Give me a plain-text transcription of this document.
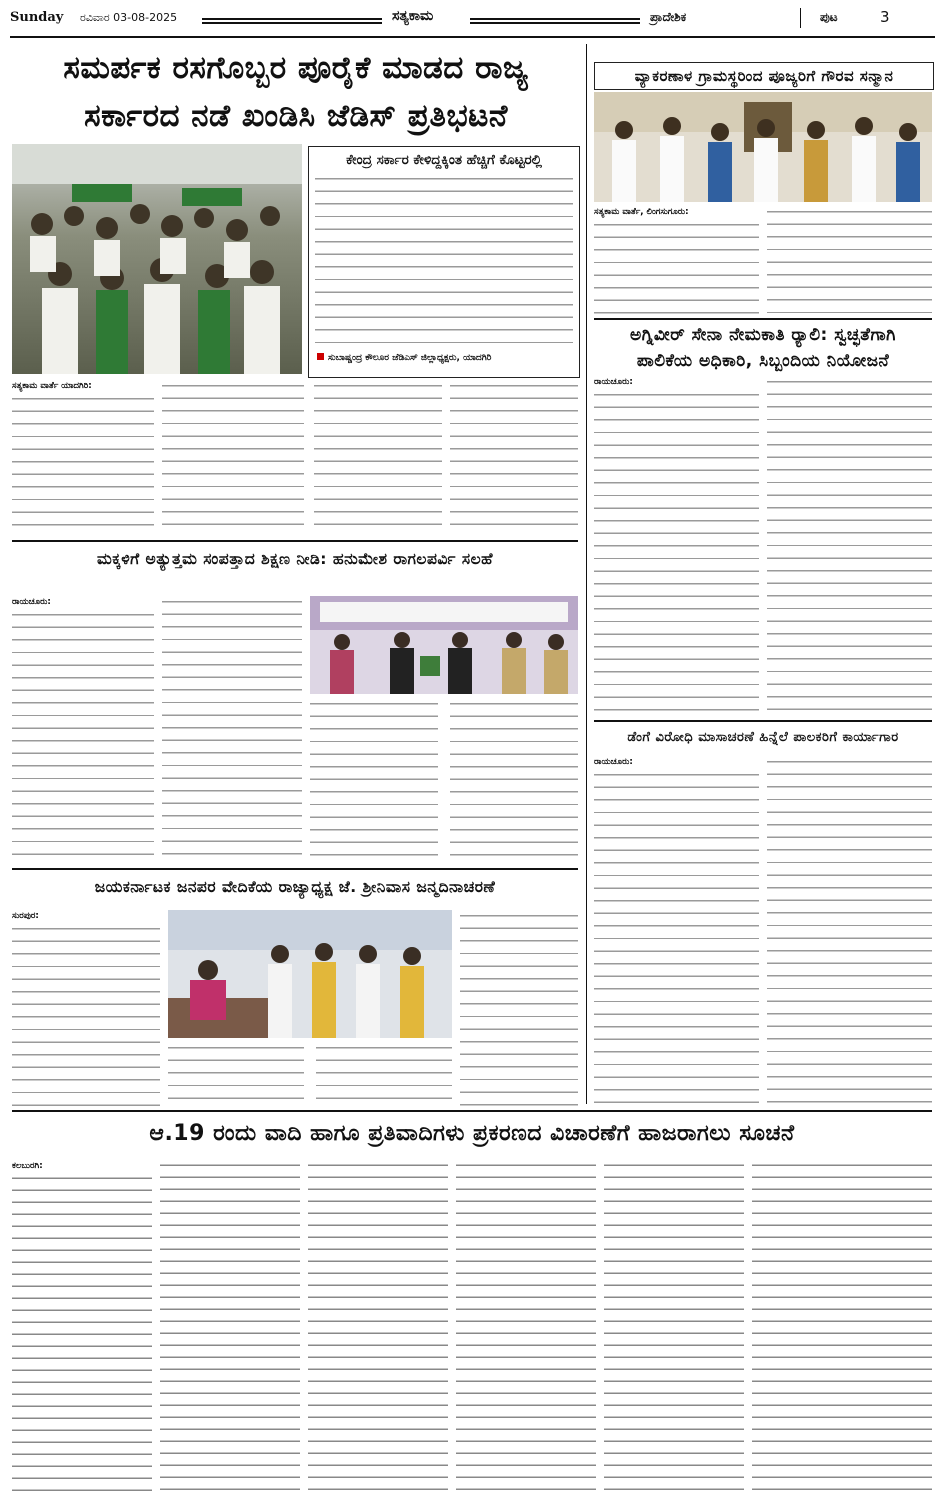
Sunday ರವಿವಾರ 03-08-2025	ಸತ್ಯಕಾಮ	ಪ್ರಾದೇಶಿಕ	ಪುಟ	3
ಸಮರ್ಪಕ ರಸಗೊಬ್ಬರ ಪೂರೈಕೆ ಮಾಡದ ರಾಜ್ಯ
ಸರ್ಕಾರದ ನಡೆ ಖಂಡಿಸಿ ಜೆಡಿಸ್ ಪ್ರತಿಭಟನೆ
ಕೇಂದ್ರ ಸರ್ಕಾರ ಕೇಳಿದ್ದಕ್ಕಿಂತ ಹೆಚ್ಚಿಗೆ ಕೊಟ್ಟರಲ್ಲಿ
ಸುಬಾಷ್ಚಂದ್ರ ಕೌಲೂರ ಜೆಡಿಎಸ್ ಜಿಲ್ಲಾಧ್ಯಕ್ಷರು, ಯಾದಗಿರಿ
ಸತ್ಯಕಾಮ ವಾರ್ತೆ ಯಾದಗಿರಿ:
ವ್ಯಾಕರಣಾಳ ಗ್ರಾಮಸ್ಥರಿಂದ ಪೂಜ್ಯರಿಗೆ ಗೌರವ ಸನ್ಮಾನ
ಸತ್ಯಕಾಮ ವಾರ್ತೆ, ಲಿಂಗಸುಗೂರು:
ಅಗ್ನಿವೀರ್ ಸೇನಾ ನೇಮಕಾತಿ ರ್‍ಯಾಲಿ: ಸ್ವಚ್ಛತೆಗಾಗಿ
ಪಾಲಿಕೆಯ ಅಧಿಕಾರಿ, ಸಿಬ್ಬಂದಿಯ ನಿಯೋಜನೆ
ರಾಯಚೂರು:
ಮಕ್ಕಳಿಗೆ ಅತ್ಯುತ್ತಮ ಸಂಪತ್ತಾದ ಶಿಕ್ಷಣ ನೀಡಿ: ಹನುಮೇಶ ರಾಗಲಪರ್ವಿ ಸಲಹೆ
ರಾಯಚೂರು:
ಡೆಂಗೆ ವಿರೋಧಿ ಮಾಸಾಚರಣೆ ಹಿನ್ನೆಲೆ ಪಾಲಕರಿಗೆ ಕಾರ್ಯಾಗಾರ
ರಾಯಚೂರು:
ಜಯಕರ್ನಾಟಕ ಜನಪರ ವೇದಿಕೆಯ ರಾಜ್ಯಾಧ್ಯಕ್ಷ ಜೆ. ಶ್ರೀನಿವಾಸ ಜನ್ಮದಿನಾಚರಣೆ
ಸುರಪುರ:
ಆ.19 ರಂದು ವಾದಿ ಹಾಗೂ ಪ್ರತಿವಾದಿಗಳು ಪ್ರಕರಣದ ವಿಚಾರಣೆಗೆ ಹಾಜರಾಗಲು ಸೂಚನೆ
ಕಲಬುರಗಿ:
